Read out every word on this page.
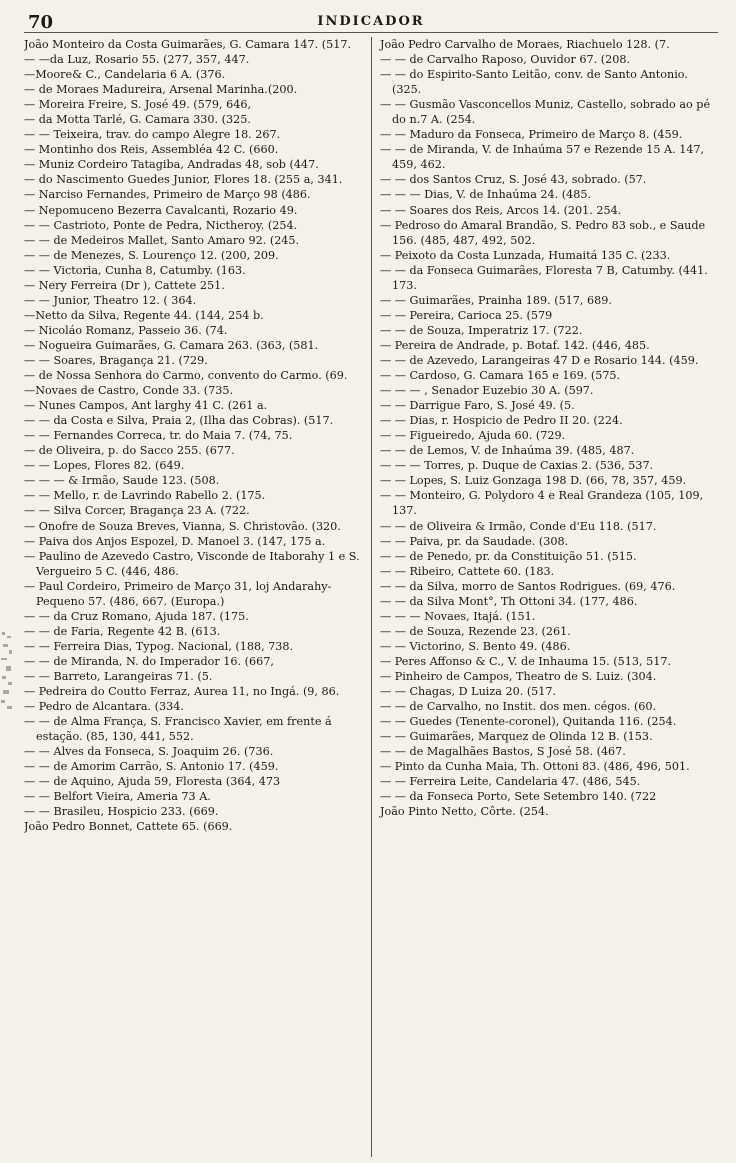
70	INDICADOR

João Monteiro da Costa Guimarães, G. Camara 147. (517.

— —da Luz, Rosario 55. (277, 357, 447.

—Moore& C., Candelaria 6 A. (376.

— de Moraes Madureira, Arsenal Marinha.(200.

— Moreira Freire, S. José 49. (579, 646,

— da Motta Tarlé, G. Camara 330. (325.

— — Teixeira, trav. do campo Alegre 18. 267.

— Montinho dos Reis, Assembléa 42 C. (660.

— Muniz Cordeiro Tatagiba, Andradas 48, sob (447.

— do Nascimento Guedes Junior, Flores 18. (255 a, 341.

— Narciso Fernandes, Primeiro de Março 98 (486.

— Nepomuceno Bezerra Cavalcanti, Rozario 49.

— — Castrioto, Ponte de Pedra, Nictheroy. (254.

— — de Medeiros Mallet, Santo Amaro 92. (245.

— — de Menezes, S. Lourenço 12. (200, 209.

— — Victoria, Cunha 8, Catumby. (163.

— Nery Ferreira (Dr ), Cattete 251.

— — Junior, Theatro 12. ( 364.

—Netto da Silva, Regente 44. (144, 254 b.

— Nicoláo Romanz, Passeio 36. (74.

— Nogueira Guimarães, G. Camara 263. (363, (581.

— — Soares, Bragança 21. (729.

— de Nossa Senhora do Carmo, convento do Carmo. (69.

—Novaes de Castro, Conde 33. (735.

— Nunes Campos, Ant larghy 41 C. (261 a.

— — da Costa e Silva, Praia 2, (Ilha das Cobras). (517.

— — Fernandes Correca, tr. do Maia 7. (74, 75.

— de Oliveira, p. do Sacco 255. (677.

— — Lopes, Flores 82. (649.

— — — & Irmão, Saude 123. (508.

— — Mello, r. de Lavrindo Rabello 2. (175.

— — Silva Corcer, Bragança 23 A. (722.

— Onofre de Souza Breves, Vianna, S. Christovão. (320.

— Paiva dos Anjos Espozel, D. Manoel 3. (147, 175 a.

— Paulino de Azevedo Castro, Visconde de Itaborahy 1 e S. Vergueiro 5 C. (446, 486.

— Paul Cordeiro, Primeiro de Março 31, loj Andarahy-Pequeno 57. (486, 667. (Europa.)

— — da Cruz Romano, Ajuda 187. (175.

— — de Faria, Regente 42 B. (613.

— — Ferreira Dias, Typog. Nacional, (188, 738.

— — de Miranda, N. do Imperador 16. (667,

— — Barreto, Larangeiras 71. (5.

— Pedreira do Coutto Ferraz, Aurea 11, no Ingá. (9, 86.

— Pedro de Alcantara. (334.

— — de Alma França, S. Francisco Xavier, em frente á estação. (85, 130, 441, 552.

— — Alves da Fonseca, S. Joaquim 26. (736.

— — de Amorim Carrão, S. Antonio 17. (459.

— — de Aquino, Ajuda 59, Floresta (364, 473

— — Belfort Vieira, Ameria 73 A.

— — Brasileu, Hospicio 233. (669.

João Pedro Bonnet, Cattete 65. (669.

João Pedro Carvalho de Moraes, Riachuelo 128. (7.

— — de Carvalho Raposo, Ouvidor 67. (208.

— — do Espirito-Santo Leitão, conv. de Santo Antonio. (325.

— — Gusmão Vasconcellos Muniz, Castello, sobrado ao pé do n.7 A. (254.

— — Maduro da Fonseca, Primeiro de Março 8. (459.

— — de Miranda, V. de Inhaúma 57 e Rezende 15 A. 147, 459, 462.

— — dos Santos Cruz, S. José 43, sobrado. (57.

— — — Dias, V. de Inhaúma 24. (485.

— — Soares dos Reis, Arcos 14. (201. 254.

— Pedroso do Amaral Brandão, S. Pedro 83 sob., e Saude 156. (485, 487, 492, 502.

— Peixoto da Costa Lunzada, Humaitá 135 C. (233.

— — da Fonseca Guimarães, Floresta 7 B, Catumby. (441. 173.

— — Guimarães, Prainha 189. (517, 689.

— — Pereira, Carioca 25. (579

— — de Souza, Imperatriz 17. (722.

— Pereira de Andrade, p. Botaf. 142. (446, 485.

— — de Azevedo, Larangeiras 47 D e Rosario 144. (459.

— — Cardoso, G. Camara 165 e 169. (575.

— — — , Senador Euzebio 30 A. (597.

— — Darrigue Faro, S. José 49. (5.

— — Dias, r. Hospicio de Pedro II 20. (224.

— — Figueiredo, Ajuda 60. (729.

— — de Lemos, V. de Inhaúma 39. (485, 487.

— — — Torres, p. Duque de Caxias 2. (536, 537.

— — Lopes, S. Luiz Gonzaga 198 D. (66, 78, 357, 459.

— — Monteiro, G. Polydoro 4 e Real Grandeza (105, 109, 137.

— — de Oliveira & Irmão, Conde d'Eu 118. (517.

— — Paiva, pr. da Saudade. (308.

— — de Penedo, pr. da Constituição 51. (515.

— — Ribeiro, Cattete 60. (183.

— — da Silva, morro de Santos Rodrigues. (69, 476.

— — da Silva Mont°, Th Ottoni 34. (177, 486.

— — — Novaes, Itajá. (151.

— — de Souza, Rezende 23. (261.

— — Victorino, S. Bento 49. (486.

— Peres Affonso & C., V. de Inhauma 15. (513, 517.

— Pinheiro de Campos, Theatro de S. Luiz. (304.

— — Chagas, D Luiza 20. (517.

— — de Carvalho, no Instit. dos men. cégos. (60.

— — Guedes (Tenente-coronel), Quitanda 116. (254.

— — Guimarães, Marquez de Olinda 12 B. (153.

— — de Magalhães Bastos, S José 58. (467.

— Pinto da Cunha Maia, Th. Ottoni 83. (486, 496, 501.

— — Ferreira Leite, Candelaria 47. (486, 545.

— — da Fonseca Porto, Sete Setembro 140. (722

João Pinto Netto, Côrte. (254.
